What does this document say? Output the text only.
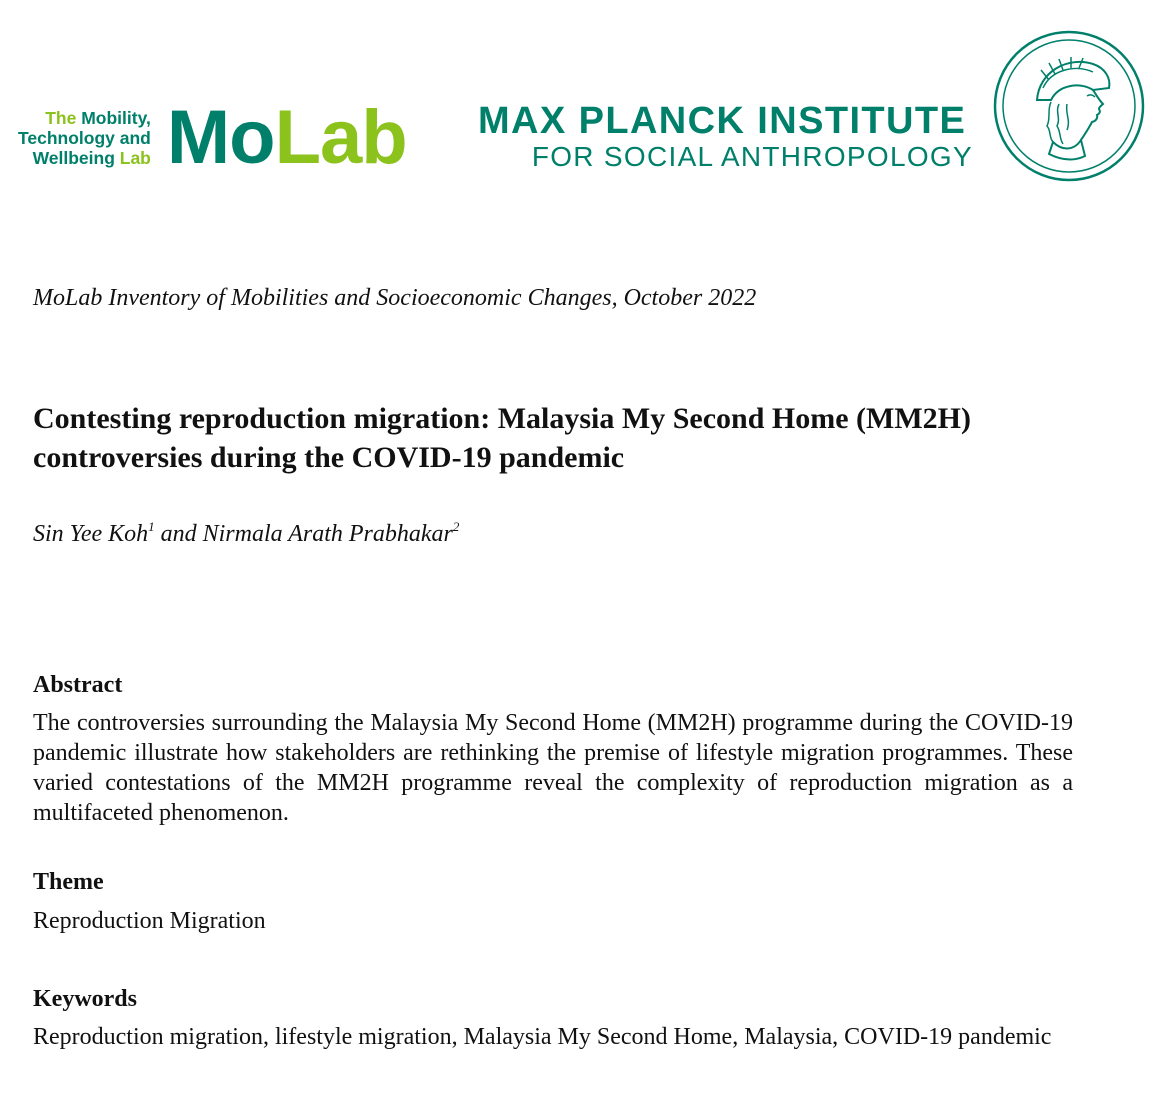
The Mobility,
Technology and
Wellbeing Lab MoLab MAX PLANCK INSTITUTE
FOR SOCIAL ANTHROPOLOGY
MoLab Inventory of Mobilities and Socioeconomic Changes, October 2022
Contesting reproduction migration: Malaysia My Second Home (MM2H) controversies during the COVID-19 pandemic
Sin Yee Koh$^1$ and Nirmala Arath Prabhakar$^2$
Abstract

The controversies surrounding the Malaysia My Second Home (MM2H) programme during the COVID-19 pandemic illustrate how stakeholders are rethinking the premise of lifestyle migration programmes. These varied contestations of the MM2H programme reveal the complexity of reproduction migration as a multifaceted phenomenon.

Theme

Reproduction Migration

Keywords

Reproduction migration, lifestyle migration, Malaysia My Second Home, Malaysia, COVID-19 pandemic
